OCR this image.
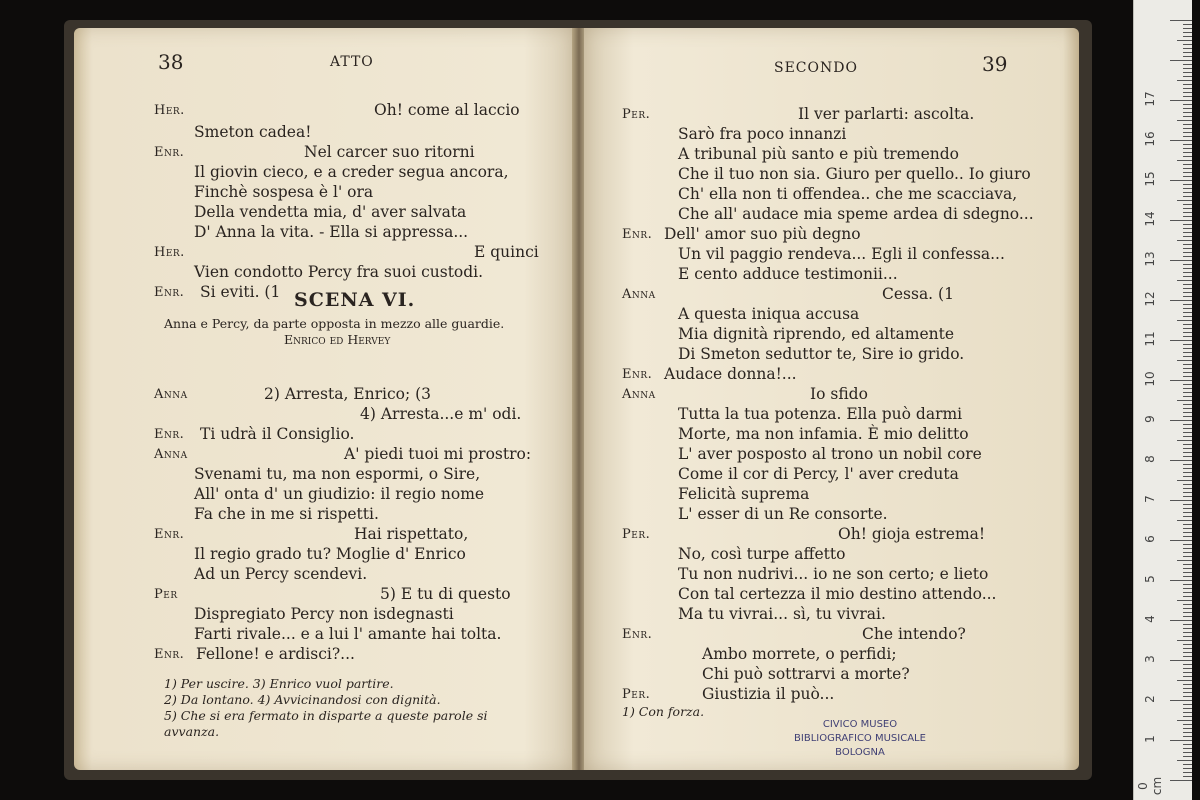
38	ATTO
SCENA VI.
Anna e Percy, da parte opposta in mezzo alle guardie.
Enrico ed Hervey
1) Per uscire. 3) Enrico vuol partire.
2) Da lontano. 4) Avvicinandosi con dignità.
5) Che si era fermato in disparte a queste parole si
avvanza.
Her.	Oh! come al laccio
Smeton cadea!
Enr.	Nel carcer suo ritorni
Il giovin cieco, e a creder segua ancora,
Finchè sospesa è l' ora
Della vendetta mia, d' aver salvata
D' Anna la vita. - Ella si appressa...
Her.	E quinci
Vien condotto Percy fra suoi custodi.
Enr. Si eviti. (1
Anna	2) Arresta, Enrico; (3
4) Arresta...e m' odi.
Enr. Ti udrà il Consiglio.
Anna	A' piedi tuoi mi prostro:
Svenami tu, ma non espormi, o Sire,
All' onta d' un giudizio: il regio nome
Fa che in me si rispetti.
Enr.	Hai rispettato,
Il regio grado tu? Moglie d' Enrico
Ad un Percy scendevi.
Per	5) E tu di questo
Dispregiato Percy non isdegnasti
Farti rivale... e a lui l' amante hai tolta.
Enr. Fellone! e ardisci?...
SECONDO	39
1) Con forza.
Per.	Il ver parlarti: ascolta.
Sarò fra poco innanzi
A tribunal più santo e più tremendo
Che il tuo non sia. Giuro per quello.. Io giuro
Ch' ella non ti offendea.. che me scacciava,
Che all' audace mia speme ardea di sdegno...
Enr. Dell' amor suo più degno
Un vil paggio rendeva... Egli il confessa...
E cento adduce testimonii...
Anna	Cessa. (1
A questa iniqua accusa
Mia dignità riprendo, ed altamente
Di Smeton seduttor te, Sire io grido.
Enr. Audace donna!...
Anna	Io sfido
Tutta la tua potenza. Ella può darmi
Morte, ma non infamia. È mio delitto
L' aver posposto al trono un nobil core
Come il cor di Percy, l' aver creduta
Felicità suprema
L' esser di un Re consorte.
Per.	Oh! gioja estrema!
No, così turpe affetto
Tu non nudrivi... io ne son certo; e lieto
Con tal certezza il mio destino attendo...
Ma tu vivrai... sì, tu vivrai.
Enr.	Che intendo?
Ambo morrete, o perfidi;
Chi può sottrarvi a morte?
Per.	Giustizia il può...
CIVICO MUSEO
BIBLIOGRAFICO MUSICALE
BOLOGNA
0 cm
1
2
3
4
5
6
7
8
9
10
11
12
13
14
15
16
17
